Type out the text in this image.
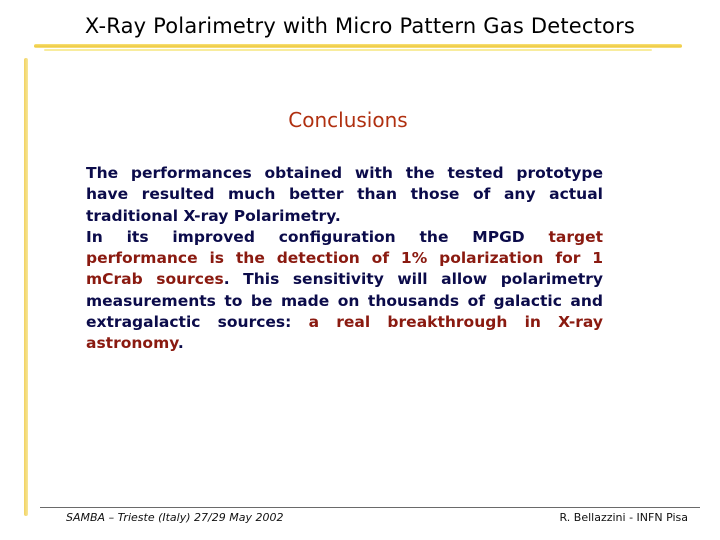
X-Ray Polarimetry with Micro Pattern Gas Detectors
Conclusions
The performances obtained with the tested prototype have resulted much better than those of any actual traditional X-ray Polarimetry.
In its improved configuration the MPGD target performance is the detection of 1% polarization for 1 mCrab sources. This sensitivity will allow polarimetry measurements to be made on thousands of galactic and extragalactic sources: a real breakthrough in X-ray astronomy.
SAMBA – Trieste (Italy) 27/29 May 2002	R. Bellazzini - INFN Pisa
